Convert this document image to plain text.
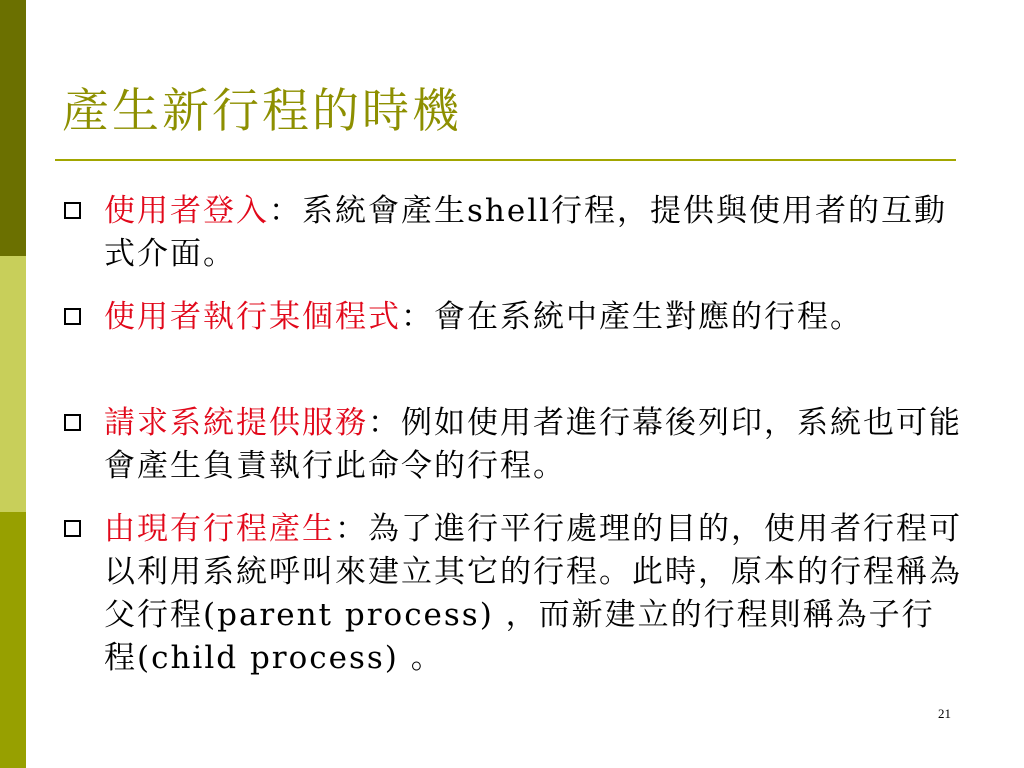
產生新行程的時機
使用者登入：系統會產生shell行程，提供與使用者的互動式介面。
使用者執行某個程式：會在系統中產生對應的行程。
請求系統提供服務：例如使用者進行幕後列印，系統也可能會產生負責執行此命令的行程。
由現有行程產生：為了進行平行處理的目的，使用者行程可以利用系統呼叫來建立其它的行程。此時，原本的行程稱為父行程(parent process) ，而新建立的行程則稱為子行程(child process) 。
21
